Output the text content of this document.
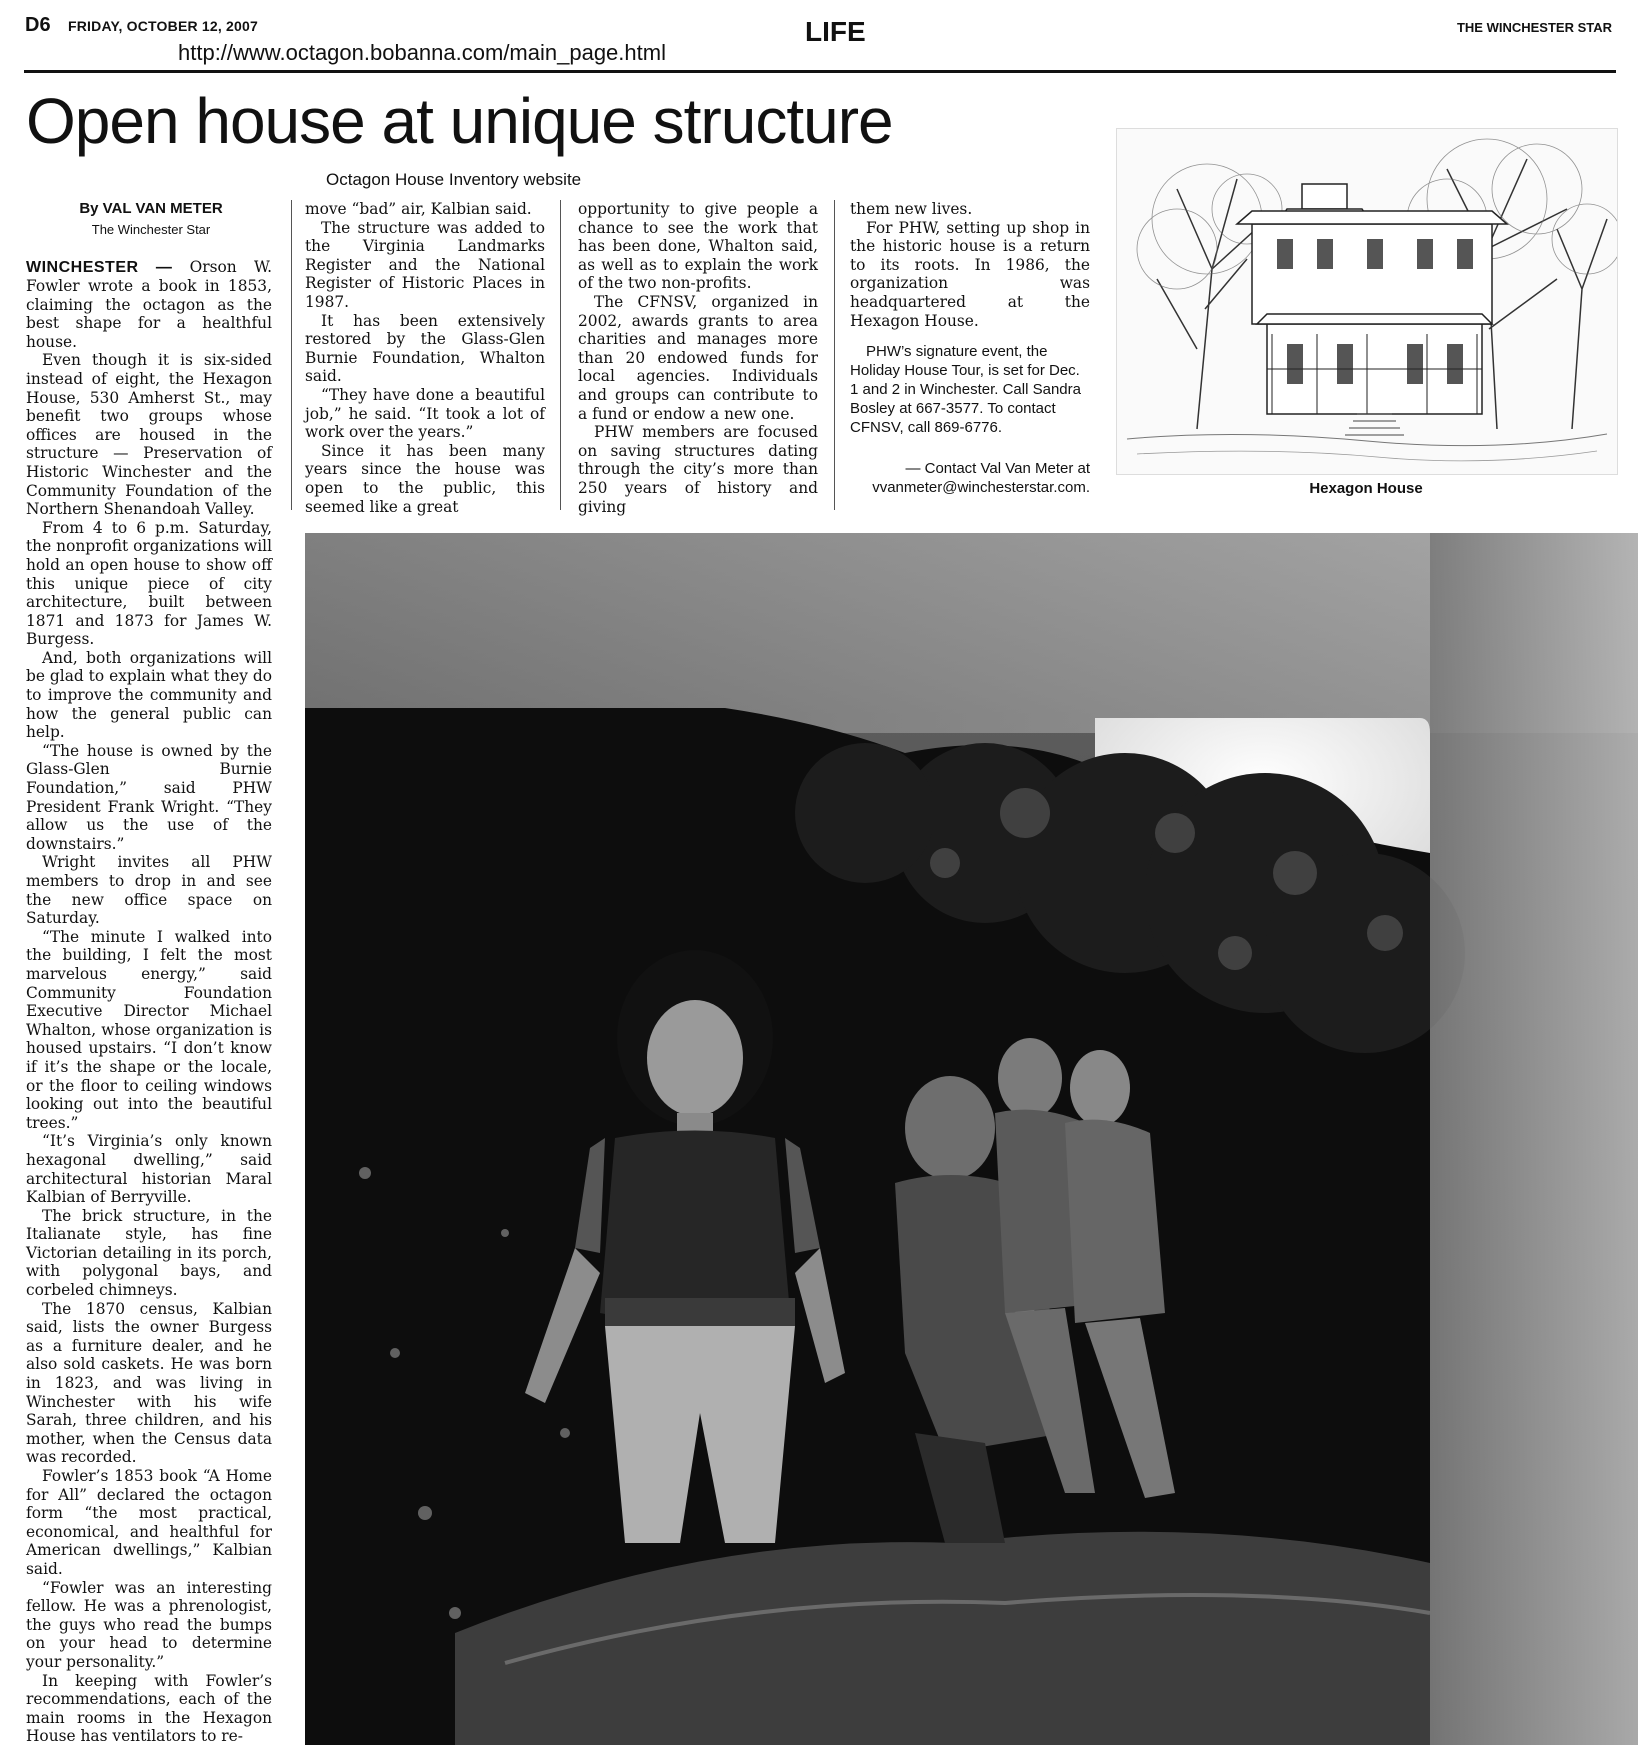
D6 FRIDAY, OCTOBER 12, 2007
http://www.octagon.bobanna.com/main_page.html
LIFE	THE WINCHESTER STAR
Open house at unique structure
Octagon House Inventory website
By VAL VAN METER
The Winchester Star

WINCHESTER — Orson W. Fowler wrote a book in 1853, claiming the octagon as the best shape for a healthful house.

Even though it is six-sided instead of eight, the Hexagon House, 530 Amherst St., may benefit two groups whose offices are housed in the structure — Preservation of Historic Winchester and the Community Foundation of the Northern Shenandoah Valley.

From 4 to 6 p.m. Saturday, the nonprofit organizations will hold an open house to show off this unique piece of city architecture, built between 1871 and 1873 for James W. Burgess.

And, both organizations will be glad to explain what they do to improve the community and how the general public can help.

“The house is owned by the Glass-Glen Burnie Foundation,” said PHW President Frank Wright. “They allow us the use of the downstairs.”

Wright invites all PHW members to drop in and see the new office space on Saturday.

“The minute I walked into the building, I felt the most marvelous energy,” said Community Foundation Executive Director Michael Whalton, whose organization is housed upstairs. “I don’t know if it’s the shape or the locale, or the floor to ceiling windows looking out into the beautiful trees.”

“It’s Virginia’s only known hexagonal dwelling,” said architectural historian Maral Kalbian of Berryville.

The brick structure, in the Italianate style, has fine Victorian detailing in its porch, with polygonal bays, and corbeled chimneys.

The 1870 census, Kalbian said, lists the owner Burgess as a furniture dealer, and he also sold caskets. He was born in 1823, and was living in Winchester with his wife Sarah, three children, and his mother, when the Census data was recorded.

Fowler’s 1853 book “A Home for All” declared the octagon form “the most practical, economical, and healthful for American dwellings,” Kalbian said.

“Fowler was an interesting fellow. He was a phrenologist, the guys who read the bumps on your head to determine your personality.”

In keeping with Fowler’s recommendations, each of the main rooms in the Hexagon House has ventilators to re-

move “bad” air, Kalbian said.

The structure was added to the Virginia Landmarks Register and the National Register of Historic Places in 1987.

It has been extensively restored by the Glass-Glen Burnie Foundation, Whalton said.

“They have done a beautiful job,” he said. “It took a lot of work over the years.”

Since it has been many years since the house was open to the public, this seemed like a great

opportunity to give people a chance to see the work that has been done, Whalton said, as well as to explain the work of the two non-profits.

The CFNSV, organized in 2002, awards grants to area charities and manages more than 20 endowed funds for local agencies. Individuals and groups can contribute to a fund or endow a new one.

PHW members are focused on saving structures dating through the city’s more than 250 years of history and giving

them new lives.

For PHW, setting up shop in the historic house is a return to its roots. In 1986, the organization was headquartered at the Hexagon House.

PHW’s signature event, the Holiday House Tour, is set for Dec. 1 and 2 in Winchester. Call Sandra Bosley at 667-3577. To contact CFNSV, call 869-6776.

— Contact Val Van Meter at
vvanmeter@winchesterstar.com.	Hexagon House
